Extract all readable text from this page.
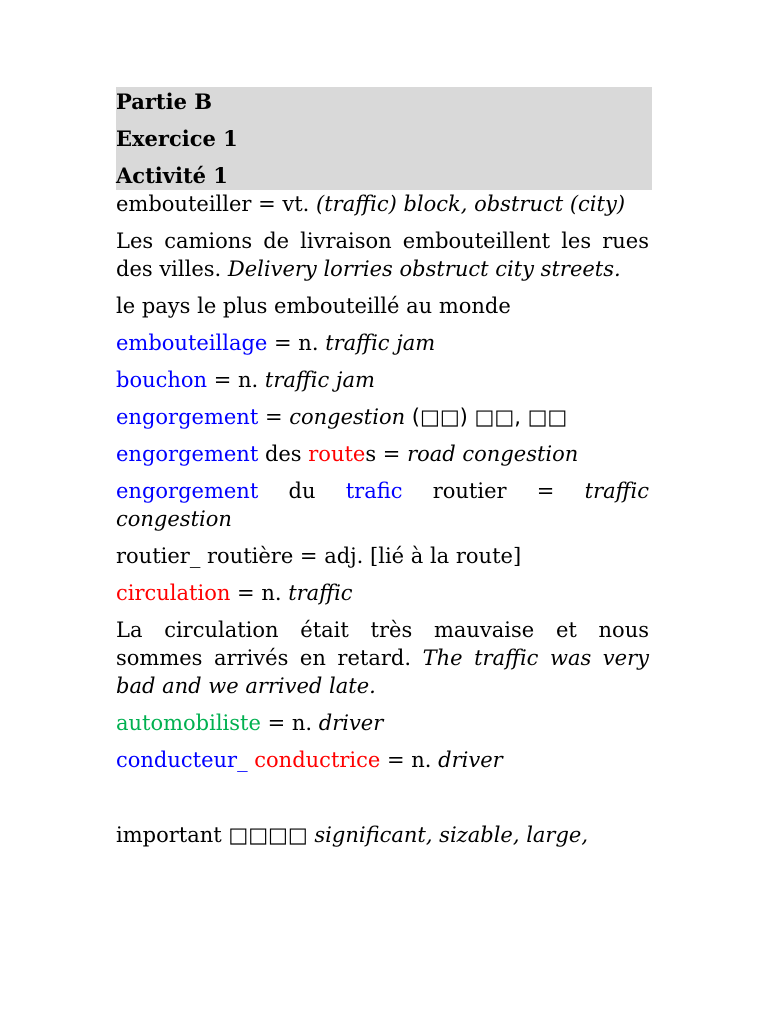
Partie B

Exercice 1

Activité 1

embouteiller = vt. (traffic) block, obstruct (city)

Les camions de livraison embouteillent les rues des villes. Delivery lorries obstruct city streets.

le pays le plus embouteillé au monde

embouteillage = n. traffic jam

bouchon = n. traffic jam

engorgement = congestion (□□) □□, □□

engorgement des routes = road congestion

engorgement du trafic routier = traffic congestion

routier_ routière = adj. [lié à la route]

circulation = n. traffic

La circulation était très mauvaise et nous sommes arrivés en retard. The traffic was very bad and we arrived late.

automobiliste = n. driver

conducteur_ conductrice = n. driver

important □□□□ significant, sizable, large,
